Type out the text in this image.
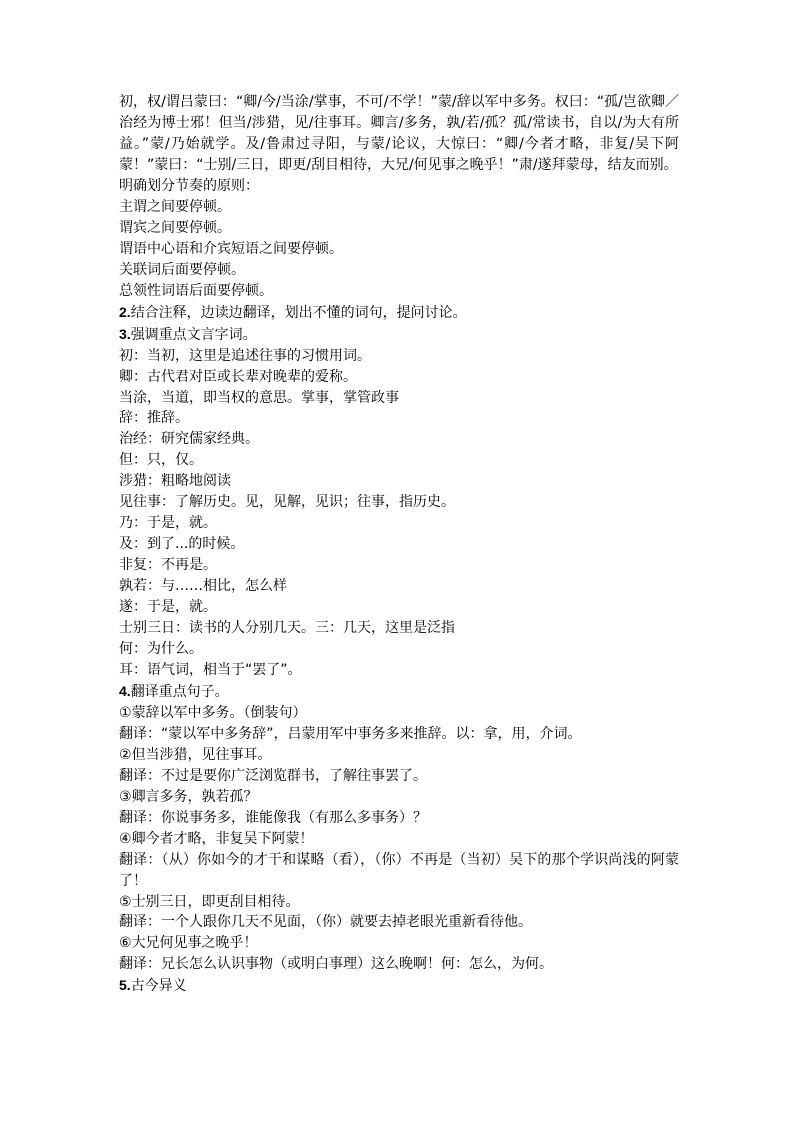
初，权/谓吕蒙曰：“卿/今/当涂/掌事，不可/不学！”蒙/辞以军中多务。权曰：“孤/岂欲卿／治经为博士邪！但当/涉猎，见/往事耳。卿言/多务，孰/若/孤？孤/常读书，自以/为大有所益。”蒙/乃始就学。及/鲁肃过寻阳，与蒙/论议，大惊曰：“卿/今者才略，非复/吴下阿蒙！”蒙曰：“士别/三日，即更/刮目相待，大兄/何见事之晚乎！”肃/遂拜蒙母，结友而别。
明确划分节奏的原则：
主谓之间要停顿。
谓宾之间要停顿。
谓语中心语和介宾短语之间要停顿。
关联词后面要停顿。
总领性词语后面要停顿。
2.结合注释，边读边翻译，划出不懂的词句，提问讨论。
3.强调重点文言字词。
初：当初，这里是追述往事的习惯用词。
卿：古代君对臣或长辈对晚辈的爱称。
当涂，当道，即当权的意思。掌事，掌管政事
辞：推辞。
治经：研究儒家经典。
但：只，仅。
涉猎：粗略地阅读
见往事：了解历史。见，见解，见识；往事，指历史。
乃：于是，就。
及：到了...的时候。
非复：不再是。
孰若：与……相比，怎么样
遂：于是，就。
士别三日：读书的人分别几天。三：几天，这里是泛指
何：为什么。
耳：语气词，相当于“罢了”。
4.翻译重点句子。
①蒙辞以军中多务。（倒装句）
翻译：“蒙以军中多务辞”，吕蒙用军中事务多来推辞。以：拿，用，介词。
②但当涉猎，见往事耳。
翻译：不过是要你广泛浏览群书，了解往事罢了。
③卿言多务，孰若孤？
翻译：你说事务多，谁能像我（有那么多事务）？
④卿今者才略，非复吴下阿蒙！
翻译：（从）你如今的才干和谋略（看），（你）不再是（当初）吴下的那个学识尚浅的阿蒙了！
⑤士别三日，即更刮目相待。
翻译：一个人跟你几天不见面，（你）就要去掉老眼光重新看待他。
⑥大兄何见事之晚乎！
翻译：兄长怎么认识事物（或明白事理）这么晚啊！何：怎么，为何。
5.古今异义
